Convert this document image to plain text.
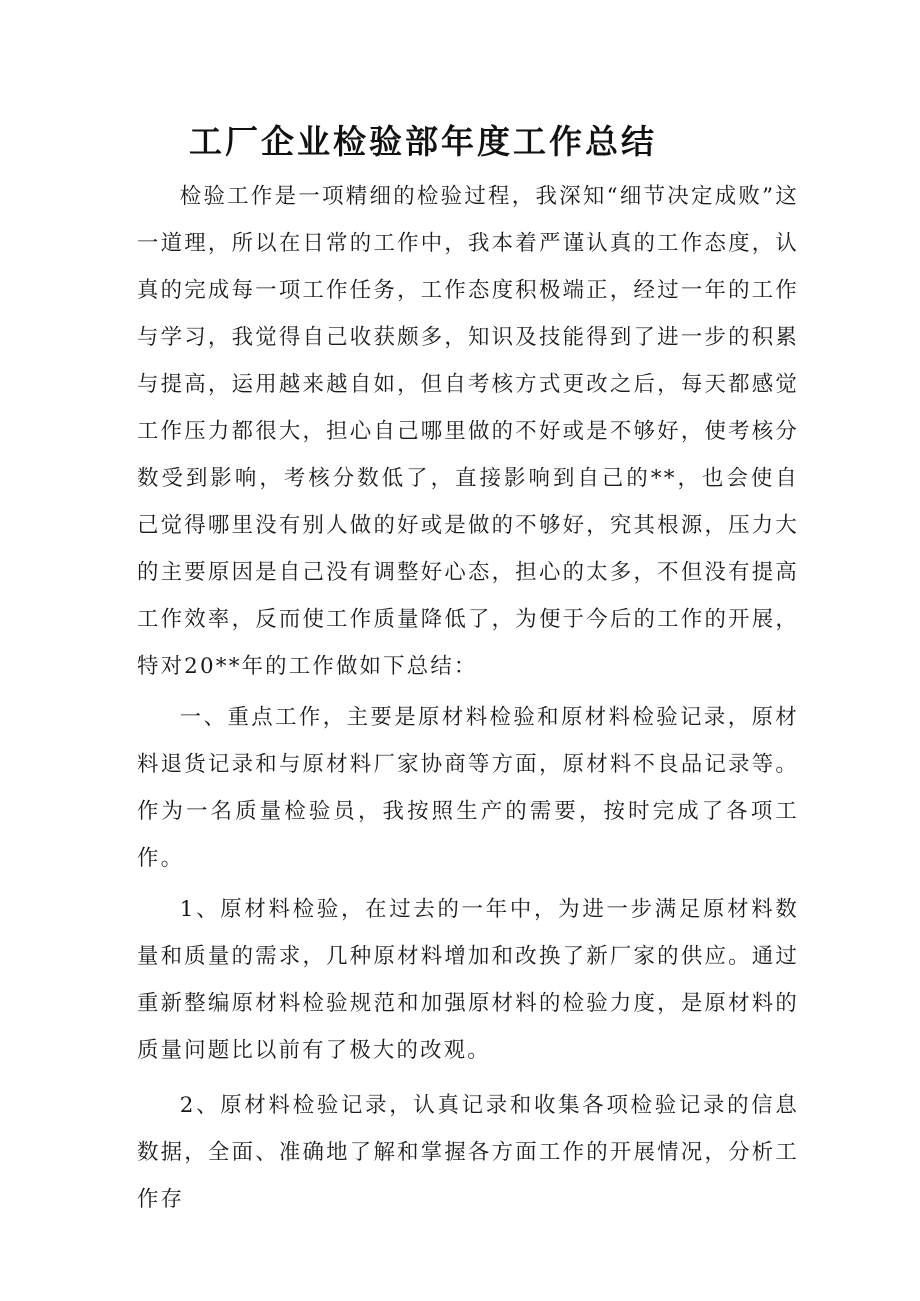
工厂企业检验部年度工作总结

检验工作是一项精细的检验过程，我深知“细节决定成败”这一道理，所以在日常的工作中，我本着严谨认真的工作态度，认真的完成每一项工作任务，工作态度积极端正，经过一年的工作与学习，我觉得自己收获颇多，知识及技能得到了进一步的积累与提高，运用越来越自如，但自考核方式更改之后，每天都感觉工作压力都很大，担心自己哪里做的不好或是不够好，使考核分数受到影响，考核分数低了，直接影响到自己的**，也会使自己觉得哪里没有别人做的好或是做的不够好，究其根源，压力大的主要原因是自己没有调整好心态，担心的太多，不但没有提高工作效率，反而使工作质量降低了，为便于今后的工作的开展，特对20**年的工作做如下总结：

一、重点工作，主要是原材料检验和原材料检验记录，原材料退货记录和与原材料厂家协商等方面，原材料不良品记录等。作为一名质量检验员，我按照生产的需要，按时完成了各项工作。

1、原材料检验，在过去的一年中，为进一步满足原材料数量和质量的需求，几种原材料增加和改换了新厂家的供应。通过重新整编原材料检验规范和加强原材料的检验力度，是原材料的质量问题比以前有了极大的改观。

2、原材料检验记录，认真记录和收集各项检验记录的信息数据，全面、准确地了解和掌握各方面工作的开展情况，分析工作存
